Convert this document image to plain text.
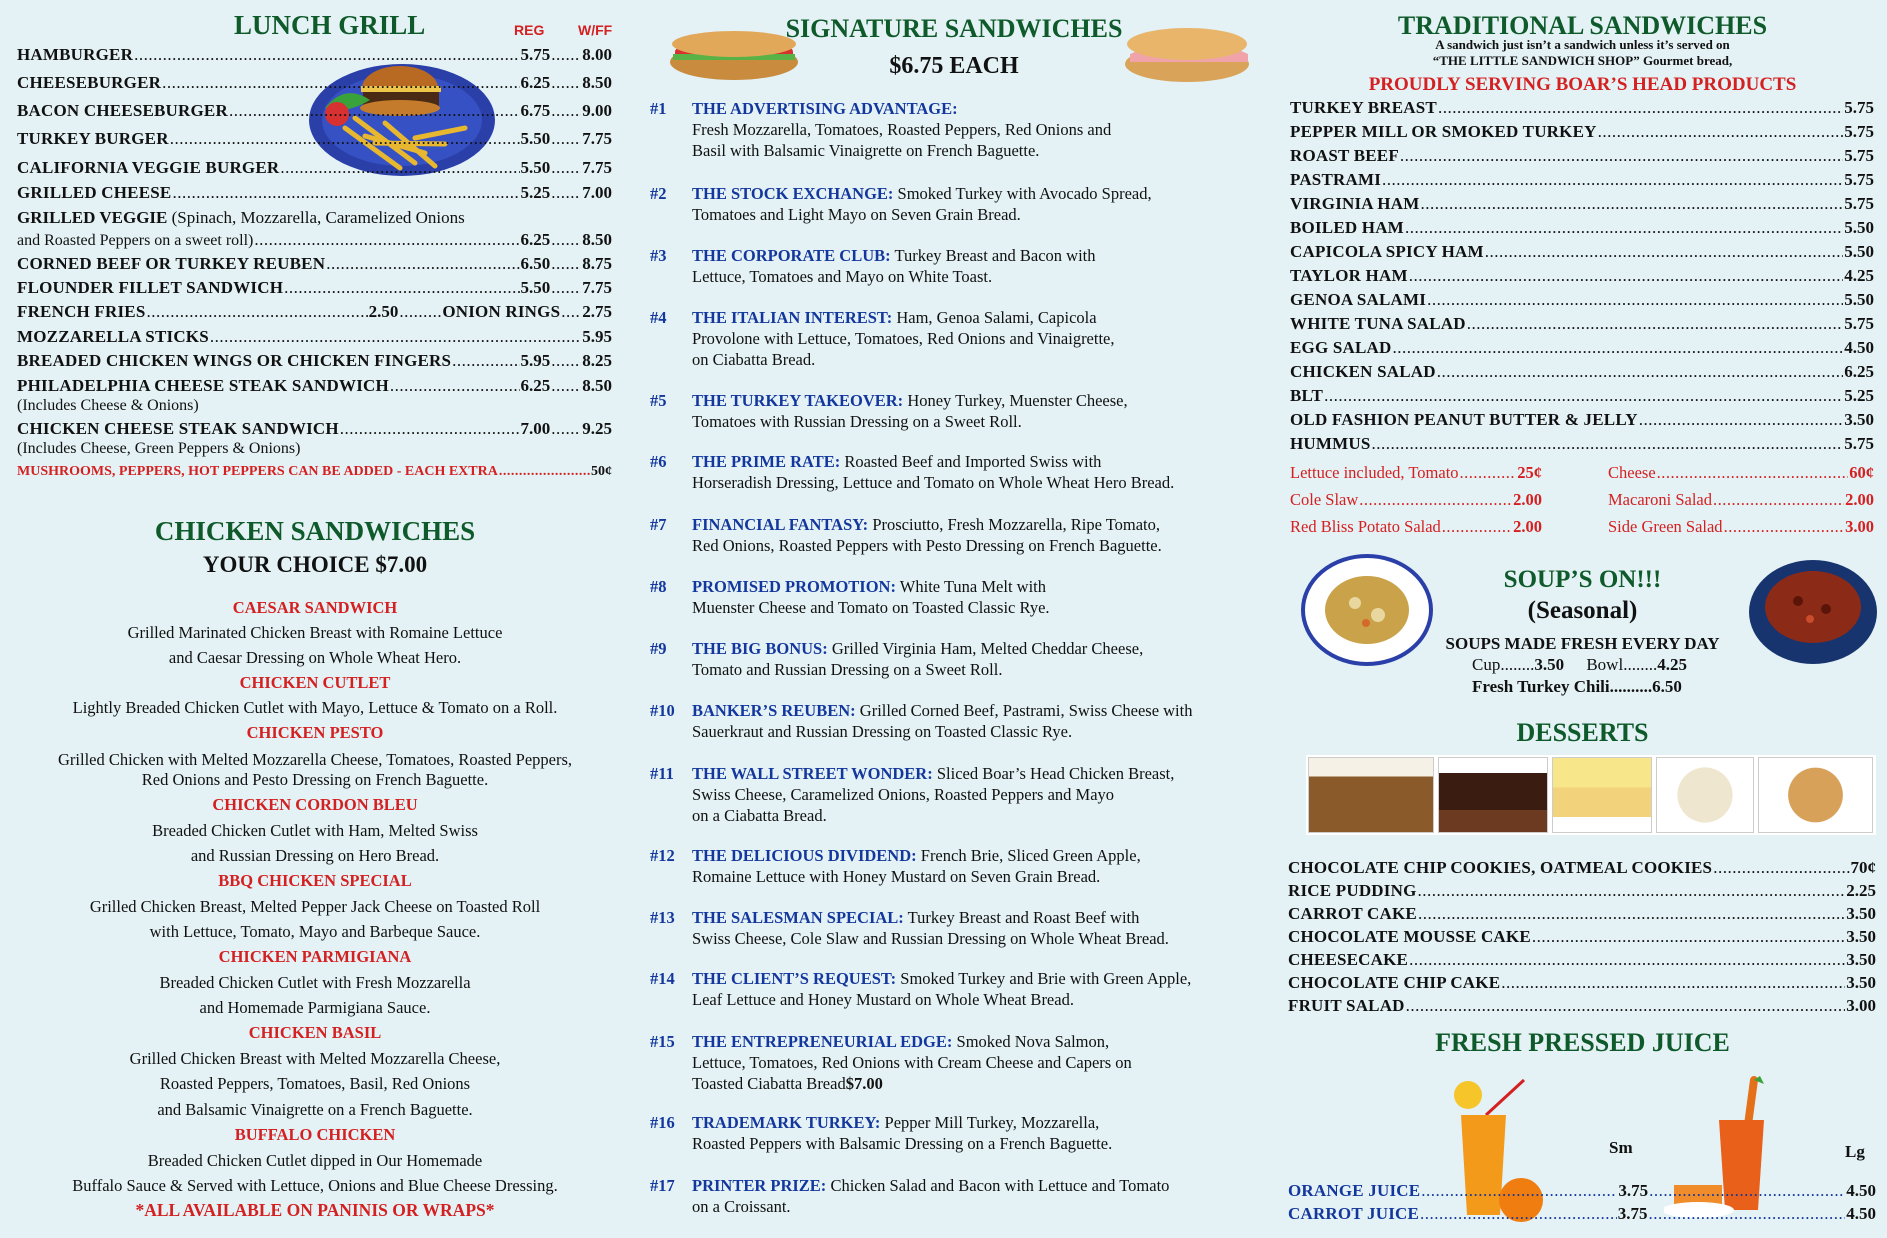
LUNCH GRILL	REG W/FF
HAMBURGER .....	5.75 ..... 8.00
CHEESEBURGER .....	6.25 ..... 8.50
BACON CHEESEBURGER .....	6.75 ..... 9.00
TURKEY BURGER .....	5.50 ..... 7.75
CALIFORNIA VEGGIE BURGER .....	5.50 ..... 7.75
GRILLED CHEESE .....	5.25 ..... 7.00
GRILLED VEGGIE (Spinach, Mozzarella, Caramelized Onions
and Roasted Peppers on a sweet roll) .....	6.25 ..... 8.50
CORNED BEEF OR TURKEY REUBEN .....	6.50 ..... 8.75
FLOUNDER FILLET SANDWICH .....	5.50 ..... 7.75
FRENCH FRIES .....	2.50 .....	ONION RINGS ..... 2.75
MOZZARELLA STICKS .....	5.95
BREADED CHICKEN WINGS OR CHICKEN FINGERS .....	5.95 ..... 8.25
PHILADELPHIA CHEESE STEAK SANDWICH .....	6.25 ..... 8.50
(Includes Cheese & Onions)
CHICKEN CHEESE STEAK SANDWICH .....	7.00 ..... 9.25
(Includes Cheese, Green Peppers & Onions)
MUSHROOMS, PEPPERS, HOT PEPPERS CAN BE ADDED - EACH EXTRA .....	50¢
CHICKEN SANDWICHES
YOUR CHOICE $7.00
CAESAR SANDWICH
Grilled Marinated Chicken Breast with Romaine Lettuce
and Caesar Dressing on Whole Wheat Hero.
CHICKEN CUTLET
Lightly Breaded Chicken Cutlet with Mayo, Lettuce & Tomato on a Roll.
CHICKEN PESTO
Grilled Chicken with Melted Mozzarella Cheese, Tomatoes, Roasted Peppers,
Red Onions and Pesto Dressing on French Baguette.
CHICKEN CORDON BLEU
Breaded Chicken Cutlet with Ham, Melted Swiss
and Russian Dressing on Hero Bread.
BBQ CHICKEN SPECIAL
Grilled Chicken Breast, Melted Pepper Jack Cheese on Toasted Roll
with Lettuce, Tomato, Mayo and Barbeque Sauce.
CHICKEN PARMIGIANA
Breaded Chicken Cutlet with Fresh Mozzarella
and Homemade Parmigiana Sauce.
CHICKEN BASIL
Grilled Chicken Breast with Melted Mozzarella Cheese,
Roasted Peppers, Tomatoes, Basil, Red Onions
and Balsamic Vinaigrette on a French Baguette.
BUFFALO CHICKEN
Breaded Chicken Cutlet dipped in Our Homemade
Buffalo Sauce & Served with Lettuce, Onions and Blue Cheese Dressing.
*ALL AVAILABLE ON PANINIS OR WRAPS*
SIGNATURE SANDWICHES
$6.75 EACH
#1	THE ADVERTISING ADVANTAGE:
Fresh Mozzarella, Tomatoes, Roasted Peppers, Red Onions and
Basil with Balsamic Vinaigrette on French Baguette.
#2	THE STOCK EXCHANGE: Smoked Turkey with Avocado Spread,
Tomatoes and Light Mayo on Seven Grain Bread.
#3	THE CORPORATE CLUB: Turkey Breast and Bacon with
Lettuce, Tomatoes and Mayo on White Toast.
#4	THE ITALIAN INTEREST: Ham, Genoa Salami, Capicola
Provolone with Lettuce, Tomatoes, Red Onions and Vinaigrette,
on Ciabatta Bread.
#5	THE TURKEY TAKEOVER: Honey Turkey, Muenster Cheese,
Tomatoes with Russian Dressing on a Sweet Roll.
#6	THE PRIME RATE: Roasted Beef and Imported Swiss with
Horseradish Dressing, Lettuce and Tomato on Whole Wheat Hero Bread.
#7	FINANCIAL FANTASY: Prosciutto, Fresh Mozzarella, Ripe Tomato,
Red Onions, Roasted Peppers with Pesto Dressing on French Baguette.
#8	PROMISED PROMOTION: White Tuna Melt with
Muenster Cheese and Tomato on Toasted Classic Rye.
#9	THE BIG BONUS: Grilled Virginia Ham, Melted Cheddar Cheese,
Tomato and Russian Dressing on a Sweet Roll.
#10	BANKER’S REUBEN: Grilled Corned Beef, Pastrami, Swiss Cheese with
Sauerkraut and Russian Dressing on Toasted Classic Rye.
#11	THE WALL STREET WONDER: Sliced Boar’s Head Chicken Breast,
Swiss Cheese, Caramelized Onions, Roasted Peppers and Mayo
on a Ciabatta Bread.
#12	THE DELICIOUS DIVIDEND: French Brie, Sliced Green Apple,
Romaine Lettuce with Honey Mustard on Seven Grain Bread.
#13	THE SALESMAN SPECIAL: Turkey Breast and Roast Beef with
Swiss Cheese, Cole Slaw and Russian Dressing on Whole Wheat Bread.
#14	THE CLIENT’S REQUEST: Smoked Turkey and Brie with Green Apple,
Leaf Lettuce and Honey Mustard on Whole Wheat Bread.
#15	THE ENTREPRENEURIAL EDGE: Smoked Nova Salmon,
Lettuce, Tomatoes, Red Onions with Cream Cheese and Capers on
Toasted Ciabatta Bread $7.00
#16	TRADEMARK TURKEY: Pepper Mill Turkey, Mozzarella,
Roasted Peppers with Balsamic Dressing on a French Baguette.
#17	PRINTER PRIZE: Chicken Salad and Bacon with Lettuce and Tomato
on a Croissant.
TRADITIONAL SANDWICHES
A sandwich just isn’t a sandwich unless it’s served on
“THE LITTLE SANDWICH SHOP” Gourmet bread,
PROUDLY SERVING BOAR’S HEAD PRODUCTS
TURKEY BREAST .....	5.75
PEPPER MILL OR SMOKED TURKEY .....	5.75
ROAST BEEF .....	5.75
PASTRAMI .....	5.75
VIRGINIA HAM .....	5.75
BOILED HAM .....	5.50
CAPICOLA SPICY HAM .....	5.50
TAYLOR HAM .....	4.25
GENOA SALAMI .....	5.50
WHITE TUNA SALAD .....	5.75
EGG SALAD .....	4.50
CHICKEN SALAD .....	6.25
BLT .....	5.25
OLD FASHION PEANUT BUTTER & JELLY .....	3.50
HUMMUS .....	5.75
Lettuce included, Tomato .....	25¢
Cole Slaw .....	2.00
Red Bliss Potato Salad .....	2.00
Cheese .....	60¢
Macaroni Salad .....	2.00
Side Green Salad .....	3.00
SOUP’S ON!!!
(Seasonal)
SOUPS MADE FRESH EVERY DAY
Cup........3.50 Bowl........4.25
Fresh Turkey Chili..........6.50
DESSERTS
CHOCOLATE CHIP COOKIES, OATMEAL COOKIES .....	70¢
RICE PUDDING .....	2.25
CARROT CAKE .....	3.50
CHOCOLATE MOUSSE CAKE .....	3.50
CHEESECAKE .....	3.50
CHOCOLATE CHIP CAKE .....	3.50
FRUIT SALAD .....	3.00
FRESH PRESSED JUICE
Sm	Lg
ORANGE JUICE .....	3.75 .....	4.50
CARROT JUICE .....	3.75 .....	4.50
